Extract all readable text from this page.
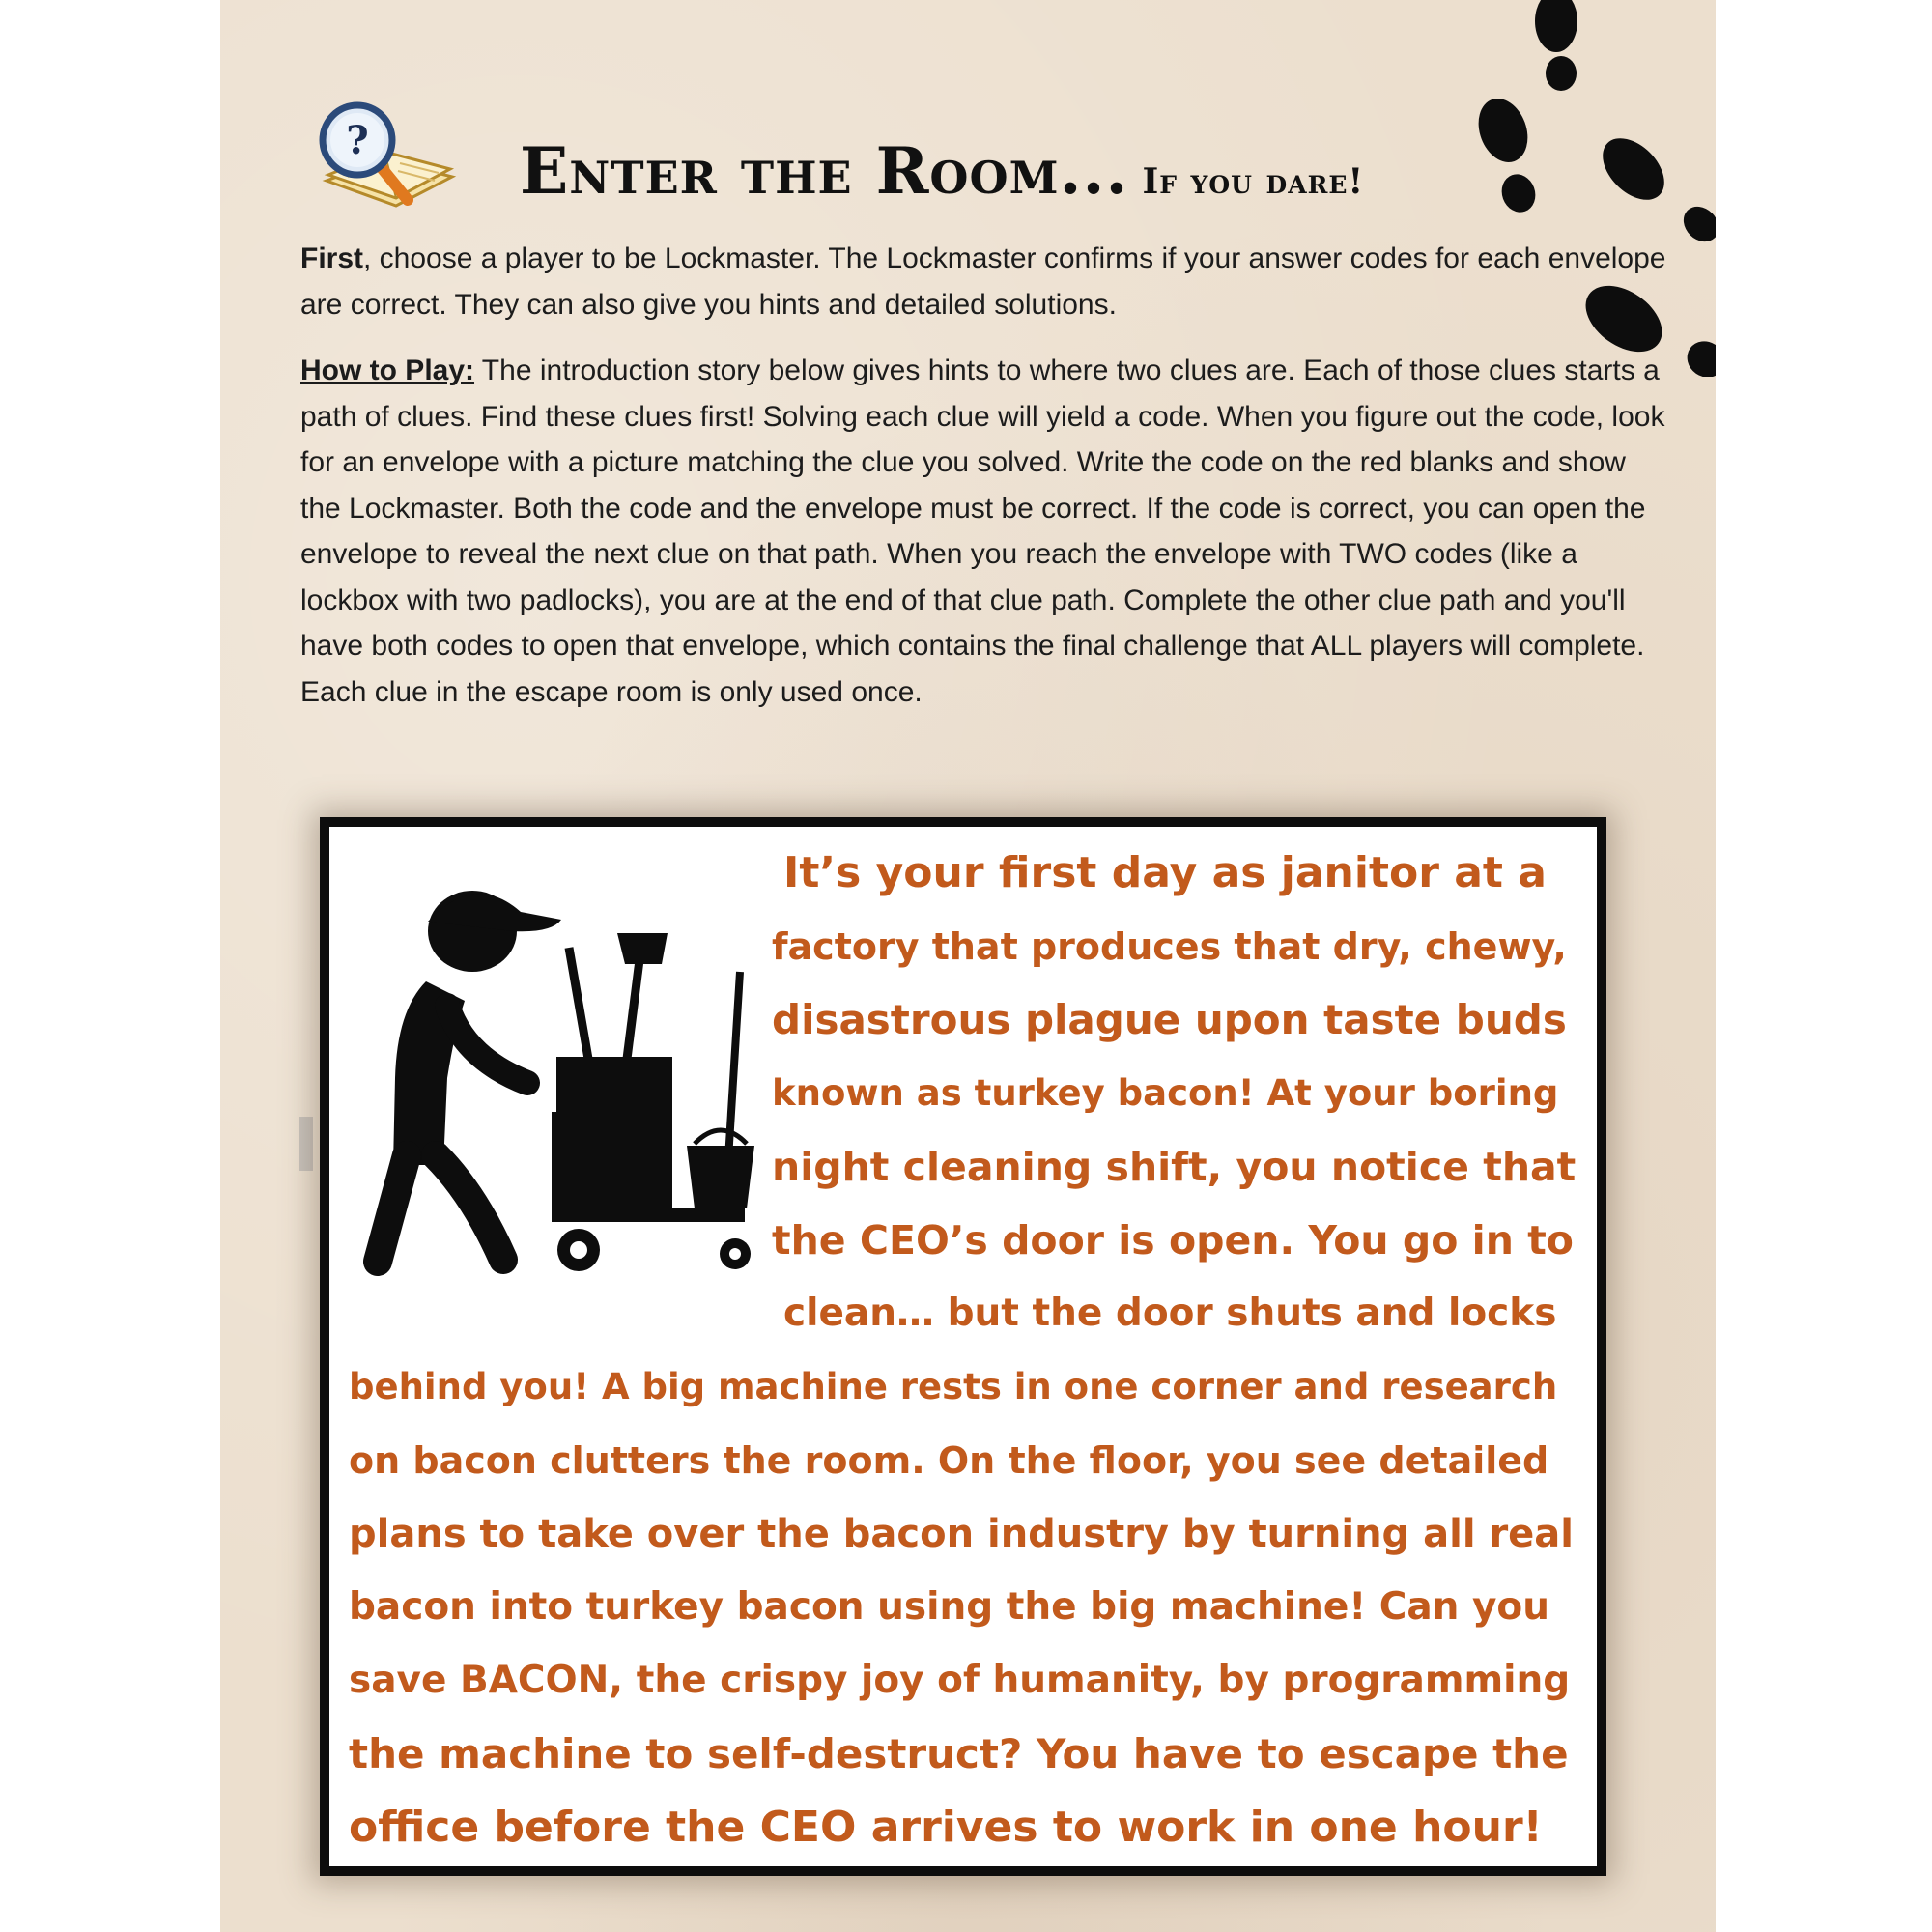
? Enter the Room... If you dare!
First, choose a player to be Lockmaster. The Lockmaster confirms if your answer codes for each envelope are correct. They can also give you hints and detailed solutions.
How to Play: The introduction story below gives hints to where two clues are. Each of those clues starts a path of clues. Find these clues first! Solving each clue will yield a code. When you figure out the code, look for an envelope with a picture matching the clue you solved. Write the code on the red blanks and show the Lockmaster. Both the code and the envelope must be correct. If the code is correct, you can open the envelope to reveal the next clue on that path. When you reach the envelope with TWO codes (like a lockbox with two padlocks), you are at the end of that clue path. Complete the other clue path and you'll have both codes to open that envelope, which contains the final challenge that ALL players will complete. Each clue in the escape room is only used once.
It’s your first day as janitor at a
factory that produces that dry, chewy,
disastrous plague upon taste buds
known as turkey bacon! At your boring
night cleaning shift, you notice that
the CEO’s door is open. You go in to
clean… but the door shuts and locks
behind you! A big machine rests in one corner and research
on bacon clutters the room. On the floor, you see detailed
plans to take over the bacon industry by turning all real
bacon into turkey bacon using the big machine! Can you
save BACON, the crispy joy of humanity, by programming
the machine to self-destruct? You have to escape the
office before the CEO arrives to work in one hour!
